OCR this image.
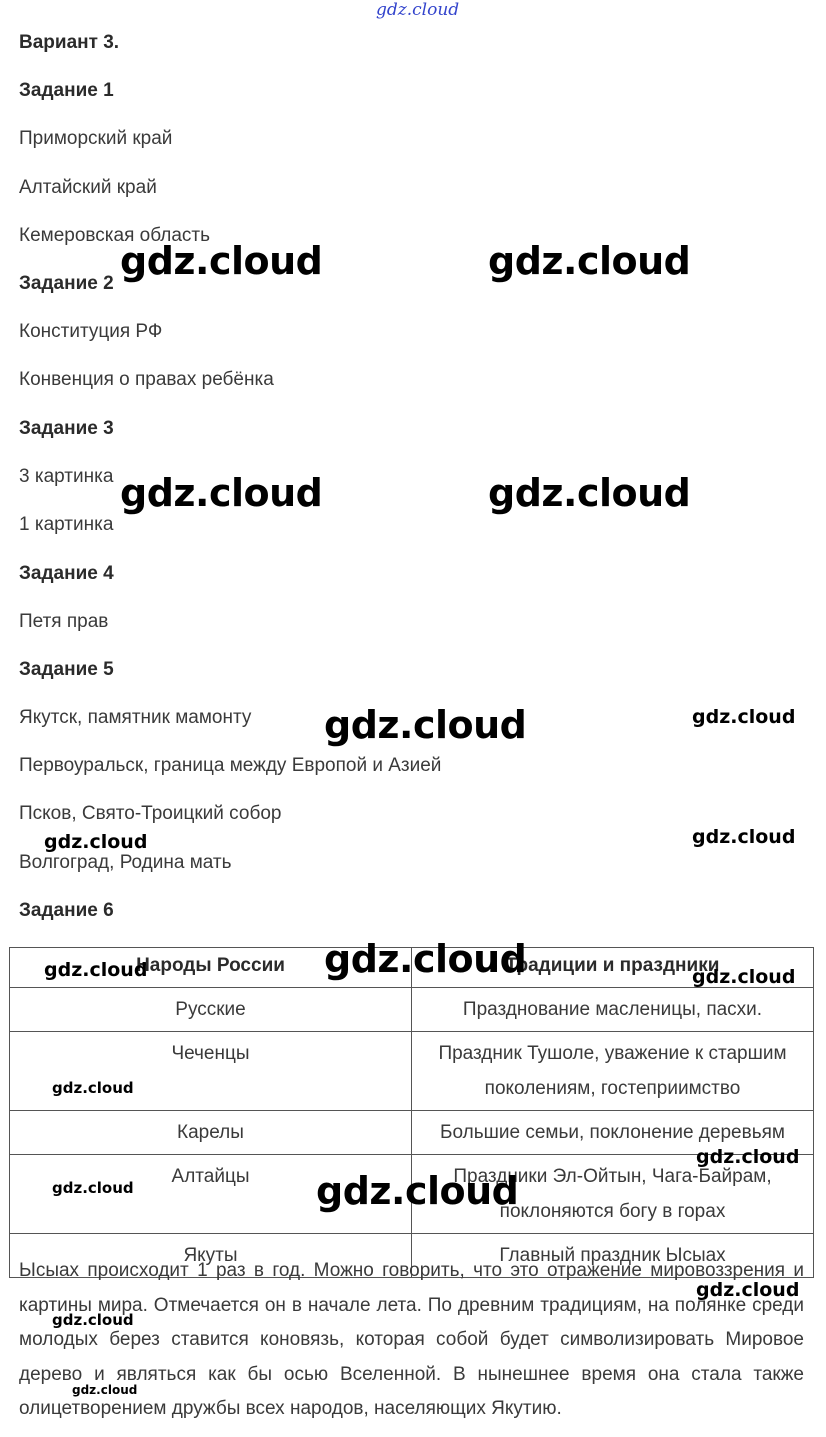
gdz.cloud
Вариант 3.
Задание 1
Приморский край
Алтайский край
Кемеровская область
Задание 2
Конституция РФ
Конвенция о правах ребёнка
Задание 3
3 картинка
1 картинка
Задание 4
Петя прав
Задание 5
Якутск, памятник мамонту
Первоуральск, граница между Европой и Азией
Псков, Свято-Троицкий собор
Волгоград, Родина мать
Задание 6
Народы России	Традиции и праздники
Русские	Празднование масленицы, пасхи.
Чеченцы	Праздник Тушоле, уважение к старшим поколениям, гостеприимство
Карелы	Большие семьи, поклонение деревьям
Алтайцы	Праздники Эл-Ойтын, Чага-Байрам, поклоняются богу в горах
Якуты	Главный праздник Ысыах
Ысыах происходит 1 раз в год. Можно говорить, что это отражение мировоззрения и картины мира. Отмечается он в начале лета. По древним традициям, на полянке среди молодых берез ставится коновязь, которая собой будет символизировать Мировое дерево и являться как бы осью Вселенной. В нынешнее время она стала также олицетворением дружбы всех народов, населяющих Якутию.
gdz.cloud	gdz.cloud
gdz.cloud	gdz.cloud
gdz.cloud
gdz.cloud
gdz.cloud
gdz.cloud
gdz.cloud	gdz.cloud
gdz.cloud	gdz.cloud
gdz.cloud
gdz.cloud
gdz.cloud
gdz.cloud
gdz.cloud
gdz.cloud
